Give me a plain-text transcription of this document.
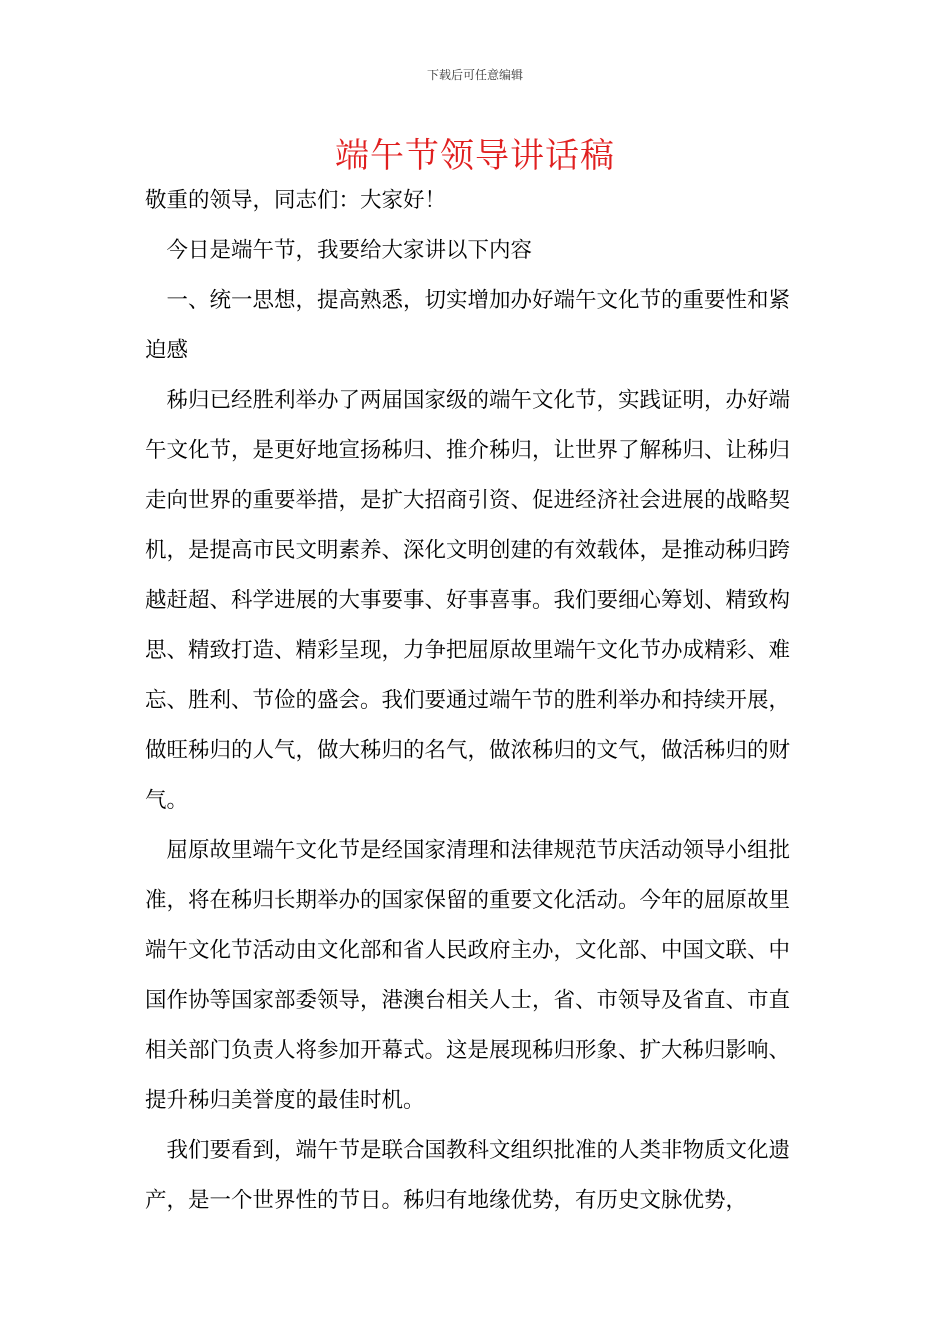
下载后可任意编辑
端午节领导讲话稿

敬重的领导，同志们：大家好！

今日是端午节，我要给大家讲以下内容

一、统一思想，提高熟悉，切实增加办好端午文化节的重要性和紧迫感

秭归已经胜利举办了两届国家级的端午文化节，实践证明，办好端午文化节，是更好地宣扬秭归、推介秭归，让世界了解秭归、让秭归走向世界的重要举措，是扩大招商引资、促进经济社会进展的战略契机，是提高市民文明素养、深化文明创建的有效载体，是推动秭归跨越赶超、科学进展的大事要事、好事喜事。我们要细心筹划、精致构思、精致打造、精彩呈现，力争把屈原故里端午文化节办成精彩、难忘、胜利、节俭的盛会。我们要通过端午节的胜利举办和持续开展，做旺秭归的人气，做大秭归的名气，做浓秭归的文气，做活秭归的财气。

屈原故里端午文化节是经国家清理和法律规范节庆活动领导小组批准，将在秭归长期举办的国家保留的重要文化活动。今年的屈原故里端午文化节活动由文化部和省人民政府主办，文化部、中国文联、中国作协等国家部委领导，港澳台相关人士，省、市领导及省直、市直相关部门负责人将参加开幕式。这是展现秭归形象、扩大秭归影响、提升秭归美誉度的最佳时机。

我们要看到，端午节是联合国教科文组织批准的人类非物质文化遗产，是一个世界性的节日。秭归有地缘优势，有历史文脉优势，
